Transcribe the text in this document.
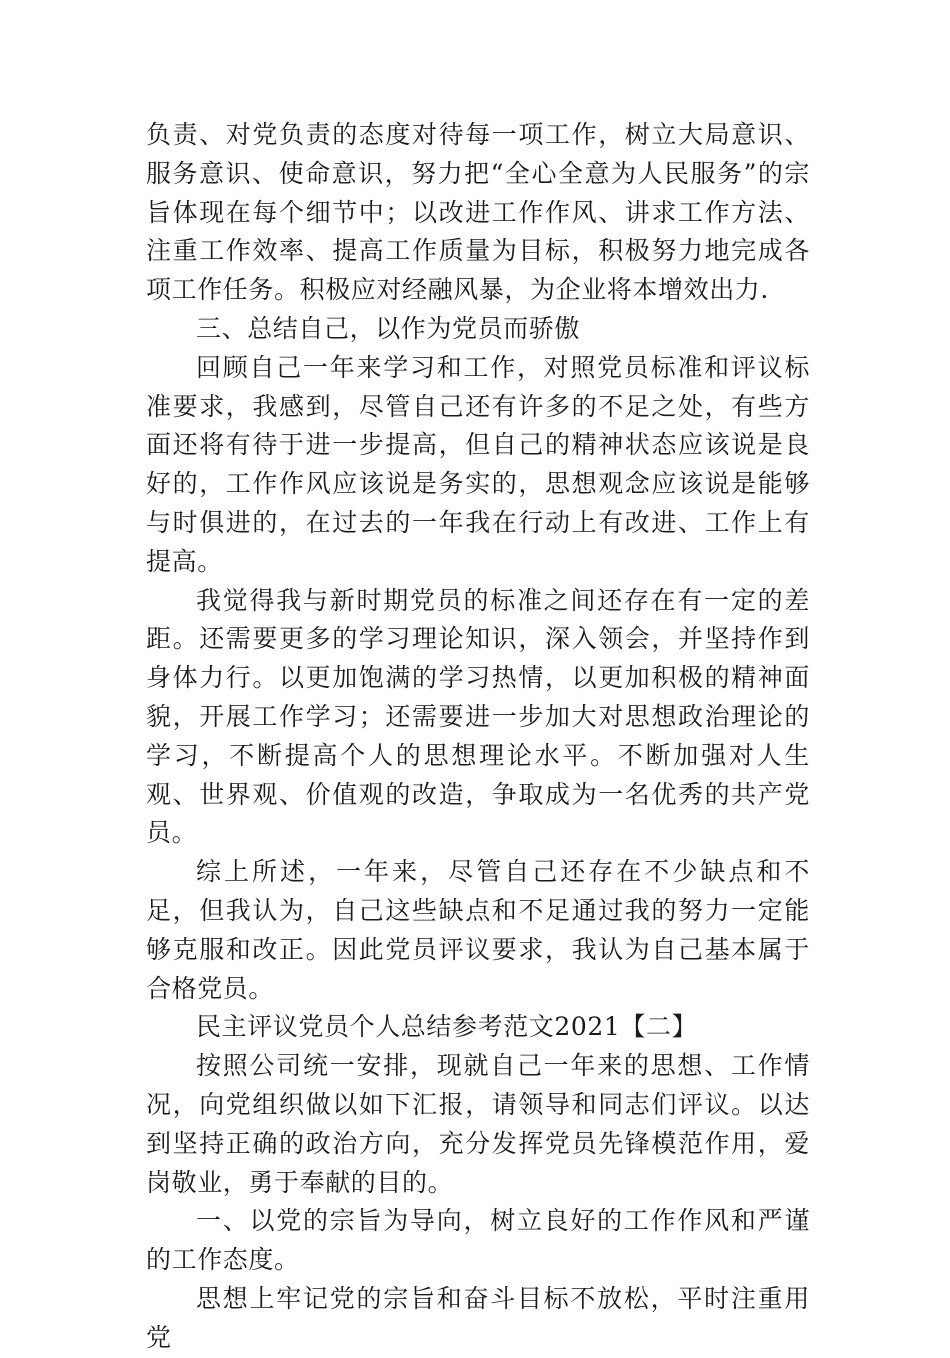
负责、对党负责的态度对待每一项工作，树立大局意识、服务意识、使命意识，努力把“全心全意为人民服务”的宗旨体现在每个细节中；以改进工作作风、讲求工作方法、注重工作效率、提高工作质量为目标，积极努力地完成各项工作任务。积极应对经融风暴，为企业将本增效出力.

三、总结自己，以作为党员而骄傲

回顾自己一年来学习和工作，对照党员标准和评议标准要求，我感到，尽管自己还有许多的不足之处，有些方面还将有待于进一步提高，但自己的精神状态应该说是良好的，工作作风应该说是务实的，思想观念应该说是能够与时俱进的，在过去的一年我在行动上有改进、工作上有提高。

我觉得我与新时期党员的标准之间还存在有一定的差距。还需要更多的学习理论知识，深入领会，并坚持作到身体力行。以更加饱满的学习热情，以更加积极的精神面貌，开展工作学习；还需要进一步加大对思想政治理论的学习，不断提高个人的思想理论水平。不断加强对人生观、世界观、价值观的改造，争取成为一名优秀的共产党员。

综上所述，一年来，尽管自己还存在不少缺点和不足，但我认为，自己这些缺点和不足通过我的努力一定能够克服和改正。因此党员评议要求，我认为自己基本属于合格党员。

民主评议党员个人总结参考范文2021【二】

按照公司统一安排，现就自己一年来的思想、工作情况，向党组织做以如下汇报，请领导和同志们评议。以达到坚持正确的政治方向，充分发挥党员先锋模范作用，爱岗敬业，勇于奉献的目的。

一、以党的宗旨为导向，树立良好的工作作风和严谨的工作态度。

思想上牢记党的宗旨和奋斗目标不放松，平时注重用党
